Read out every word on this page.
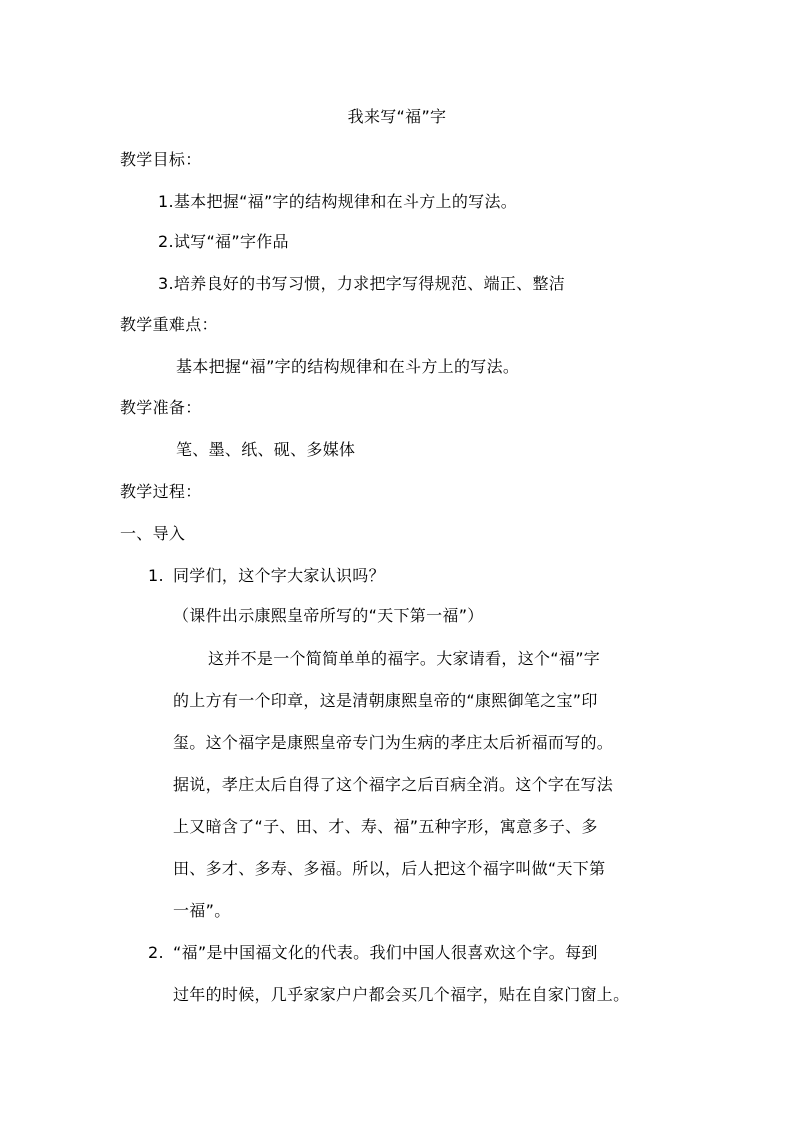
我来写“福”字
教学目标：
1.基本把握“福”字的结构规律和在斗方上的写法。
2.试写“福”字作品
3.培养良好的书写习惯，力求把字写得规范、端正、整洁
教学重难点：
基本把握“福”字的结构规律和在斗方上的写法。
教学准备：
笔、墨、纸、砚、多媒体
教学过程：
一、导入
1. 同学们，这个字大家认识吗？
（课件出示康熙皇帝所写的“天下第一福”）
这并不是一个简简单单的福字。大家请看，这个“福”字
的上方有一个印章，这是清朝康熙皇帝的“康熙御笔之宝”印
玺。这个福字是康熙皇帝专门为生病的孝庄太后祈福而写的。
据说，孝庄太后自得了这个福字之后百病全消。这个字在写法
上又暗含了“子、田、才、寿、福”五种字形，寓意多子、多
田、多才、多寿、多福。所以，后人把这个福字叫做“天下第
一福”。
2. “福”是中国福文化的代表。我们中国人很喜欢这个字。每到
过年的时候，几乎家家户户都会买几个福字，贴在自家门窗上。
